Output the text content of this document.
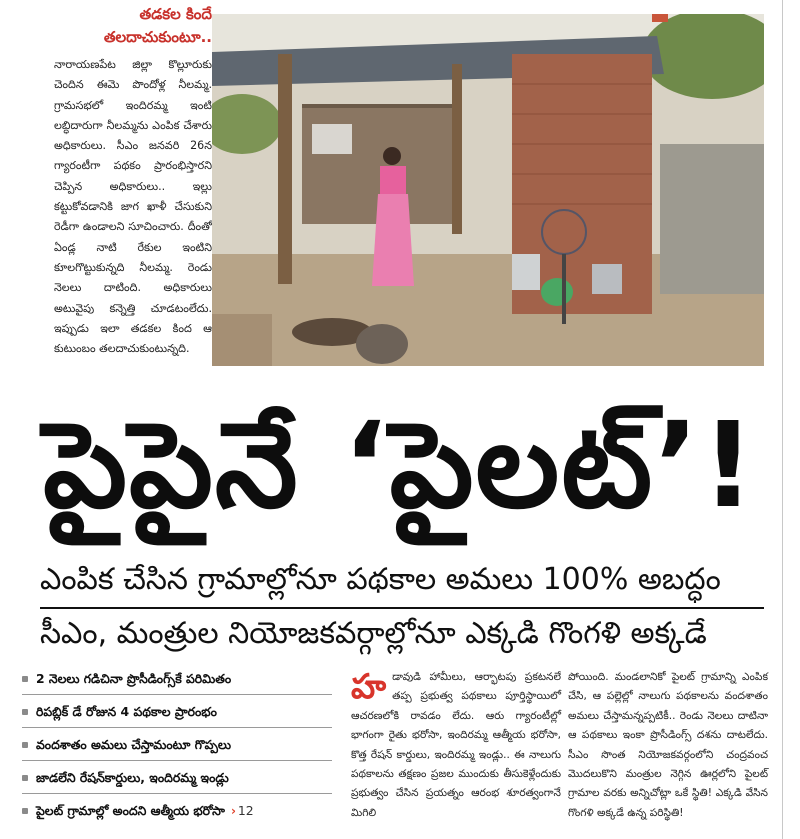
తడకల కిందే
తలదాచుకుంటూ..
నారాయణపేట జిల్లా కొల్లూరుకు చెందిన ఈమె పొందోళ్ల నీలమ్మ. గ్రామసభలో ఇందిరమ్మ ఇంటి లబ్ధిదారుగా నీలమ్మను ఎంపిక చేశారు అధికారులు. సీఎం జనవరి 26న గ్యారంటీగా పథకం ప్రారంభిస్తారని చెప్పిన అధికారులు.. ఇల్లు కట్టుకోవడానికి జాగ ఖాళీ చేసుకుని రెడీగా ఉండాలని సూచించారు. దీంతో ఏండ్ల నాటి రేకుల ఇంటిని కూలగొట్టుకున్నది నీలమ్మ. రెండు నెలలు దాటింది. అధికారులు అటువైపు కన్నెత్తి చూడటంలేదు. ఇప్పుడు ఇలా తడకల కింద ఆ కుటుంబం తలదాచుకుంటున్నది.
పైపైనే ‘పైలట్’!
ఎంపిక చేసిన గ్రామాల్లోనూ పథకాల అమలు 100% అబద్ధం
సీఎం, మంత్రుల నియోజకవర్గాల్లోనూ ఎక్కడి గొంగళి అక్కడే
2 నెలలు గడిచినా ప్రొసీడింగ్స్‌కే పరిమితం
రిపబ్లిక్ డే రోజున 4 పథకాల ప్రారంభం
వందశాతం అమలు చేస్తామంటూ గొప్పలు
జాడలేని రేషన్‌కార్డులు, ఇందిరమ్మ ఇండ్లు
పైలట్ గ్రామాల్లో అందని ఆత్మీయ భరోసా › 12
హడావుడి హామీలు, ఆర్భాటపు ప్రకటనలే తప్ప ప్రభుత్వ పథకాలు పూర్తిస్థాయిలో ఆచరణలోకి రావడం లేదు. ఆరు గ్యారంటీల్లో భాగంగా రైతు భరోసా, ఇందిరమ్మ ఆత్మీయ భరోసా, కొత్త రేషన్ కార్డులు, ఇందిరమ్మ ఇండ్లు.. ఈ నాలుగు పథకాలను తక్షణం ప్రజల ముందుకు తీసుకెళ్లేందుకు ప్రభుత్వం చేసిన ప్రయత్నం ఆరంభ శూరత్వంగానే మిగిలి
పోయింది. మండలానికో పైలట్ గ్రామాన్ని ఎంపిక చేసి, ఆ పల్లెల్లో నాలుగు పథకాలను వందశాతం అమలు చేస్తామన్నప్పటికీ.. రెండు నెలలు దాటినా ఆ పథకాలు ఇంకా ప్రొసీడింగ్స్ దశను దాటలేదు. సీఎం సొంత నియోజకవర్గంలోని చంద్రవంచ మొదలుకొని మంత్రుల నెగ్గిన ఊర్లలోని పైలట్ గ్రామాల వరకు అన్నిచోట్లా ఒకే స్థితి! ఎక్కడి వేసిన గొంగళి అక్కడే ఉన్న పరిస్థితి!
